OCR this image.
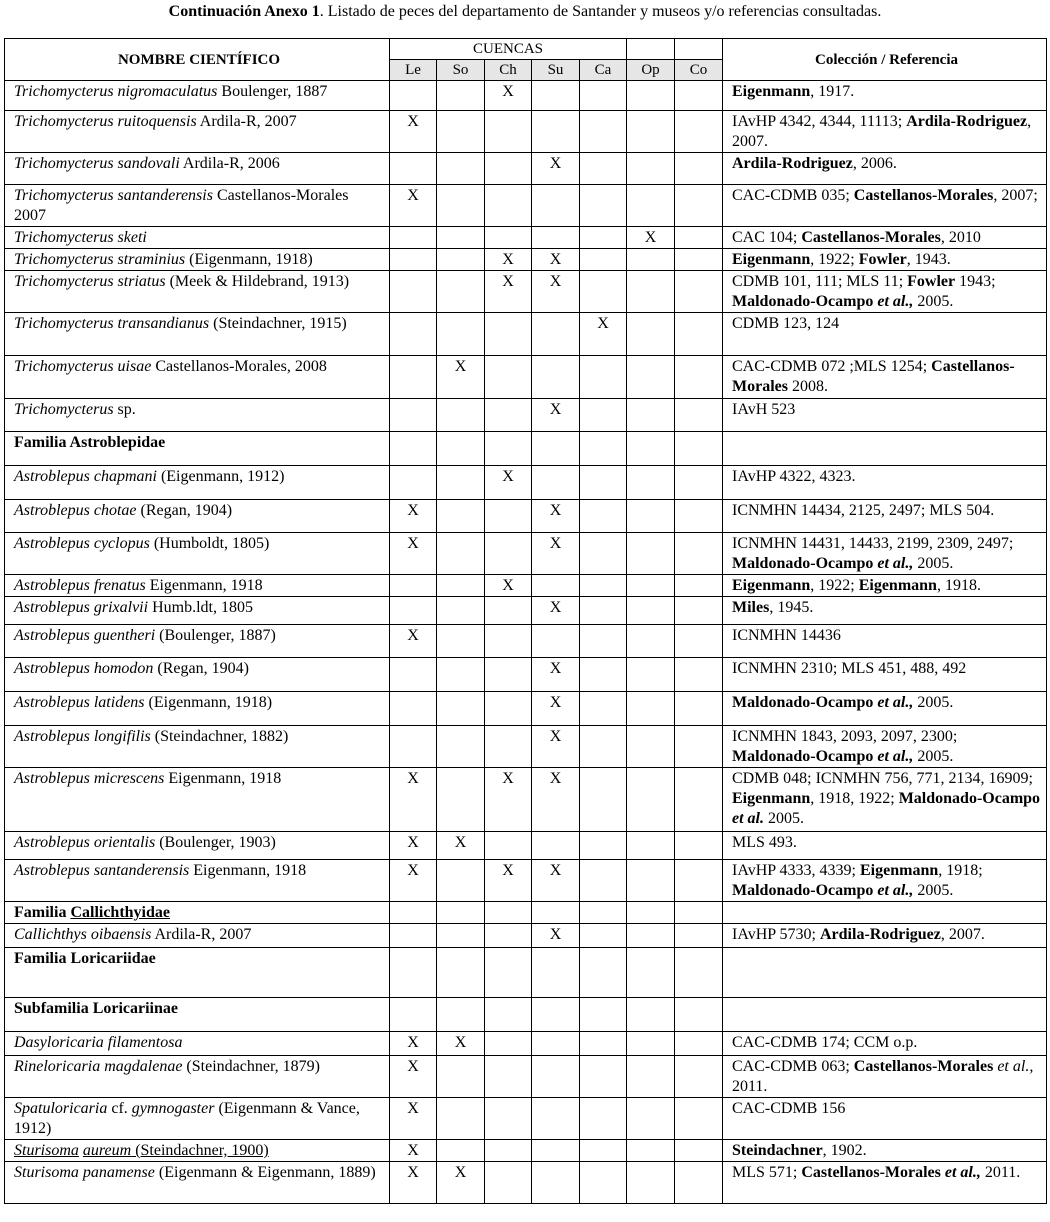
Continuación Anexo 1. Listado de peces del departamento de Santander y museos y/o referencias consultadas.
NOMBRE CIENTÍFICO	CUENCAS							Colección / Referencia
	Le	So	Ch	Su	Ca	Op	Co	
Trichomycterus nigromaculatus Boulenger, 1887			X					Eigenmann, 1917.
Trichomycterus ruitoquensis Ardila-R, 2007	X							IAvHP 4342, 4344, 11113; Ardila-Rodriguez, 2007.
Trichomycterus sandovali Ardila-R, 2006				X				Ardila-Rodriguez, 2006.
Trichomycterus santanderensis Castellanos-Morales 2007	X							CAC-CDMB 035; Castellanos-Morales, 2007;
Trichomycterus sketi						X		CAC 104; Castellanos-Morales, 2010
Trichomycterus straminius (Eigenmann, 1918)			X	X				Eigenmann, 1922; Fowler, 1943.
Trichomycterus striatus (Meek & Hildebrand, 1913)			X	X				CDMB 101, 111; MLS 11; Fowler 1943; Maldonado-Ocampo et al., 2005.
Trichomycterus transandianus (Steindachner, 1915)					X			CDMB 123, 124
Trichomycterus uisae Castellanos-Morales, 2008		X						CAC-CDMB 072 ;MLS 1254; Castellanos-Morales 2008.
Trichomycterus sp.				X				IAvH 523
Familia Astroblepidae								
Astroblepus chapmani (Eigenmann, 1912)			X					IAvHP 4322, 4323.
Astroblepus chotae (Regan, 1904)	X			X				ICNMHN 14434, 2125, 2497; MLS 504.
Astroblepus cyclopus (Humboldt, 1805)	X			X				ICNMHN 14431, 14433, 2199, 2309, 2497; Maldonado-Ocampo et al., 2005.
Astroblepus frenatus Eigenmann, 1918			X					Eigenmann, 1922; Eigenmann, 1918.
Astroblepus grixalvii Humb.ldt, 1805				X				Miles, 1945.
Astroblepus guentheri (Boulenger, 1887)	X							ICNMHN 14436
Astroblepus homodon (Regan, 1904)				X				ICNMHN 2310; MLS 451, 488, 492
Astroblepus latidens (Eigenmann, 1918)				X				Maldonado-Ocampo et al., 2005.
Astroblepus longifilis (Steindachner, 1882)				X				ICNMHN 1843, 2093, 2097, 2300; Maldonado-Ocampo et al., 2005.
Astroblepus micrescens Eigenmann, 1918	X		X	X				CDMB 048; ICNMHN 756, 771, 2134, 16909; Eigenmann, 1918, 1922; Maldonado-Ocampo et al. 2005.
Astroblepus orientalis (Boulenger, 1903)	X	X						MLS 493.
Astroblepus santanderensis Eigenmann, 1918	X		X	X				IAvHP 4333, 4339; Eigenmann, 1918; Maldonado-Ocampo et al., 2005.
Familia Callichthyidae								
Callichthys oibaensis Ardila-R, 2007				X				IAvHP 5730; Ardila-Rodriguez, 2007.
Familia Loricariidae								
Subfamilia Loricariinae								
Dasyloricaria filamentosa	X	X						CAC-CDMB 174; CCM o.p.
Rineloricaria magdalenae (Steindachner, 1879)	X							CAC-CDMB 063; Castellanos-Morales et al., 2011.
Spatuloricaria cf. gymnogaster (Eigenmann & Vance, 1912)	X							CAC-CDMB 156
Sturisoma aureum (Steindachner, 1900)	X							Steindachner, 1902.
Sturisoma panamense (Eigenmann & Eigenmann, 1889)	X	X						MLS 571; Castellanos-Morales et al., 2011.
